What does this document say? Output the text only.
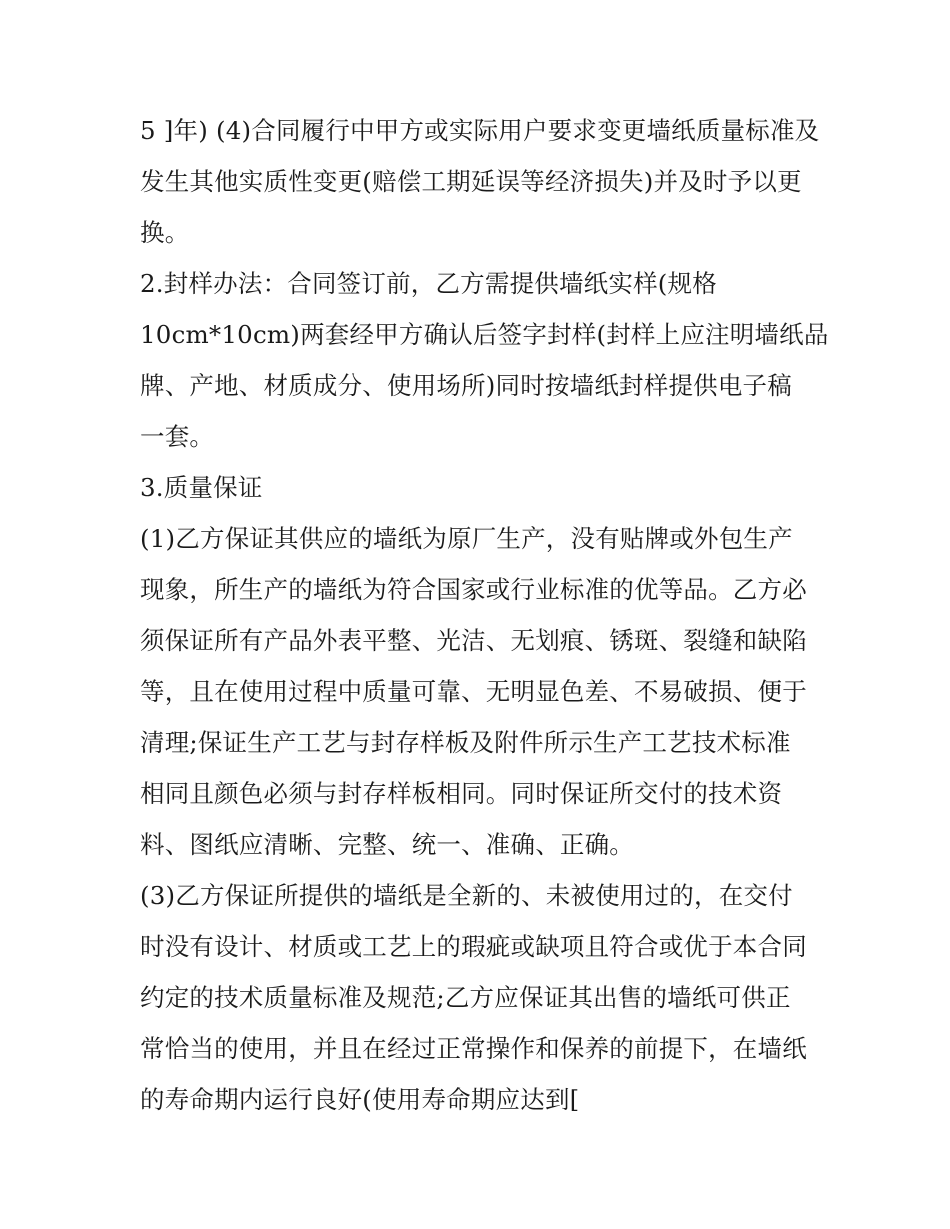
5 ]年) (4)合同履行中甲方或实际用户要求变更墙纸质量标准及
发生其他实质性变更(赔偿工期延误等经济损失)并及时予以更
换。
2.封样办法：合同签订前，乙方需提供墙纸实样(规格
10cm*10cm)两套经甲方确认后签字封样(封样上应注明墙纸品
牌、产地、材质成分、使用场所)同时按墙纸封样提供电子稿
一套。
3.质量保证
(1)乙方保证其供应的墙纸为原厂生产，没有贴牌或外包生产
现象，所生产的墙纸为符合国家或行业标准的优等品。乙方必
须保证所有产品外表平整、光洁、无划痕、锈斑、裂缝和缺陷
等，且在使用过程中质量可靠、无明显色差、不易破损、便于
清理;保证生产工艺与封存样板及附件所示生产工艺技术标准
相同且颜色必须与封存样板相同。同时保证所交付的技术资
料、图纸应清晰、完整、统一、准确、正确。
(3)乙方保证所提供的墙纸是全新的、未被使用过的，在交付
时没有设计、材质或工艺上的瑕疵或缺项且符合或优于本合同
约定的技术质量标准及规范;乙方应保证其出售的墙纸可供正
常恰当的使用，并且在经过正常操作和保养的前提下，在墙纸
的寿命期内运行良好(使用寿命期应达到[
